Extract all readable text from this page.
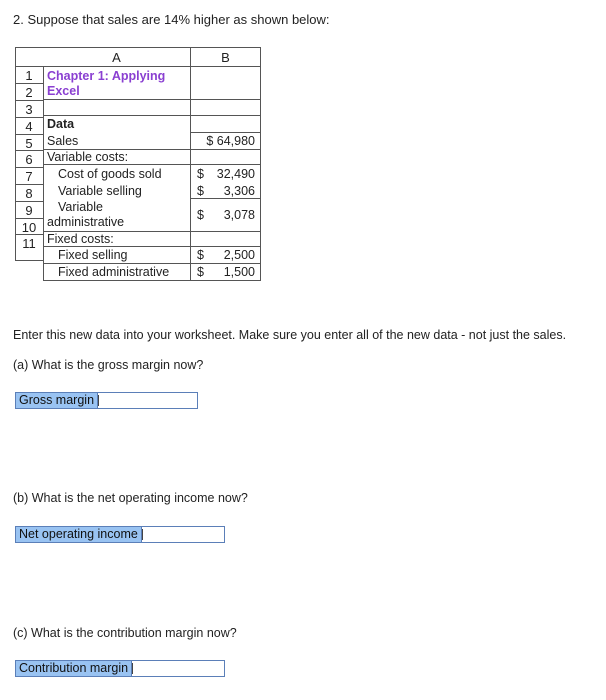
2. Suppose that sales are 14% higher as shown below:
A	B
1
2
3
4
5
6
7
8
9
10
11
Chapter 1: Applying
Excel
Data
Sales
Variable costs:
Cost of goods sold
Variable selling
Variable
administrative
Fixed costs:
Fixed selling
Fixed administrative
$ 64,980
$ 32,490
$ 3,306
$ 3,078
$ 2,500
$ 1,500
Enter this new data into your worksheet. Make sure you enter all of the new data - not just the sales.
(a) What is the gross margin now?
Gross margin
(b) What is the net operating income now?
Net operating income
(c) What is the contribution margin now?
Contribution margin
